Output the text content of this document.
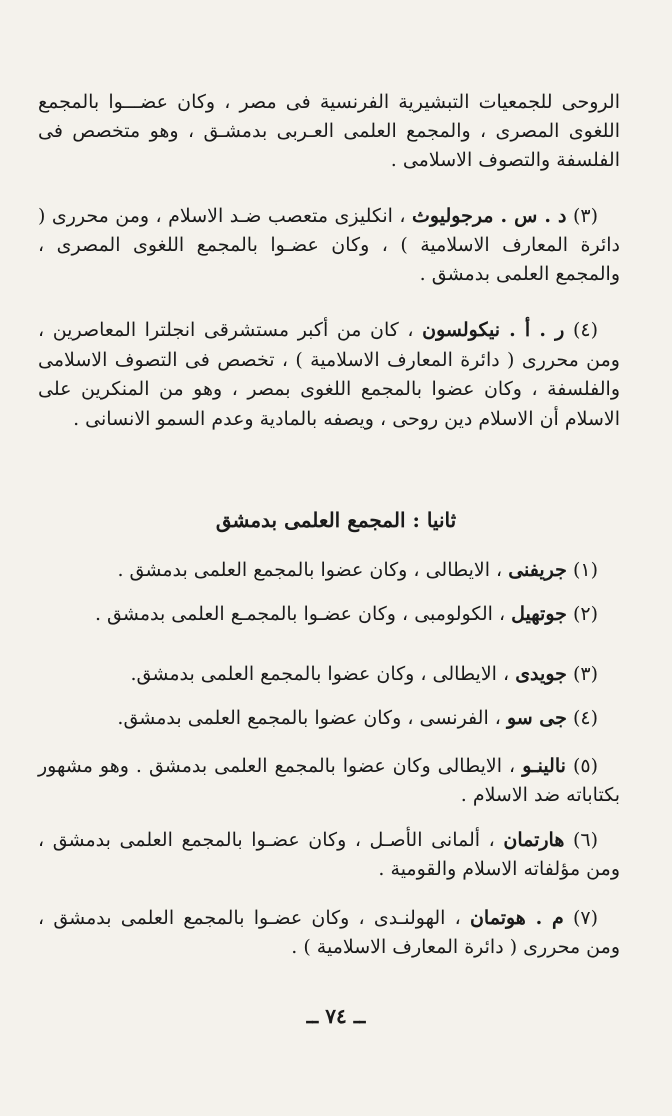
الروحى للجمعيات التبشيرية الفرنسية فى مصر ، وكان عضـــوا بالمجمع اللغوى المصرى ، والمجمع العلمى العـربى بدمشـق ، وهو متخصص فى الفلسفة والتصوف الاسلامى .

(٣) د . س . مرجوليوث ، انكليزى متعصب ضـد الاسلام ، ومن محررى ( دائرة المعارف الاسلامية ) ، وكان عضـوا بالمجمع اللغوى المصرى ، والمجمع العلمى بدمشق .

(٤) ر . أ . نيكولسون ، كان من أكبر مستشرقى انجلترا المعاصرين ، ومن محررى ( دائرة المعارف الاسلامية ) ، تخصص فى التصوف الاسلامى والفلسفة ، وكان عضوا بالمجمع اللغوى بمصر ، وهو من المنكرين على الاسلام أن الاسلام دين روحى ، ويصفه بالمادية وعدم السمو الانسانى .

ثانيا : المجمع العلمى بدمشق

(١) جريفنى ، الايطالى ، وكان عضوا بالمجمع العلمى بدمشق .

(٢) جوتهيل ، الكولومبى ، وكان عضـوا بالمجمـع العلمى بدمشق .

(٣) جويدى ، الايطالى ، وكان عضوا بالمجمع العلمى بدمشق.

(٤) جى سو ، الفرنسى ، وكان عضوا بالمجمع العلمى بدمشق.

(٥) نالينـو ، الايطالى وكان عضوا بالمجمع العلمى بدمشق . وهو مشهور بكتاباته ضد الاسلام .

(٦) هارتمان ، ألمانى الأصـل ، وكان عضـوا بالمجمع العلمى بدمشق ، ومن مؤلفاته الاسلام والقومية .

(٧) م . هوتمان ، الهولنـدى ، وكان عضـوا بالمجمع العلمى بدمشق ، ومن محررى ( دائرة المعارف الاسلامية ) .

ــ ٧٤ ــ
